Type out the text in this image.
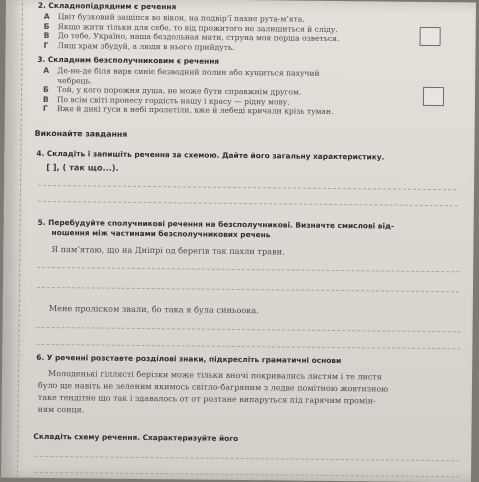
2. Складнопідрядним є речення
А Цвіт бузковий защіпся во вікон, на подвір’ї пахне рута-м’ята.
Б Якщо жити тільки для себе, то від прожитого не залишиться й сліду.
В До тебе, Україно, наша бездольная мати, струна моя перша озветься.
Г Лиш храм збудуй, а люди в нього прийдуть.
3. Складним безсполучниковим є речення
А Де-не-де біля вирв синіє безводний полин або кущиться пахучий
чебрець.
Б Той, у кого порожня душа, не може бути справжнім другом.
В По всім світі пронесу гордість нашу і красу — рідну мову.
Г Вже й дикі гуси в небі пролетіли, вже й лебеді кричали крізь туман.
Виконайте завдання
4. Складіть і запишіть речення за схемою. Дайте його загальну характеристику.
[ ], ( так що...).
5. Перебудуйте сполучникові речення на безсполучникові. Визначте смислові від-
ношення між частинами безсполучникових речень
Я пам’ятаю, що на Дніпрі од берегів так пахли трави.
Мене проліском звали, бо така я була синьоока.
6. У реченні розставте розділові знаки, підкресліть граматичні основи
Молоденькі гіллясті берізки може тільки вночі покривались листям і те листя
було ще навіть не зеленим якимось світло-багряним з ледве помітною жовтизною
таке тендітне що так і здавалось от от розтане випаруться під гарячим промін-
ням сонця.
Складіть схему речення. Схарактеризуйте його
